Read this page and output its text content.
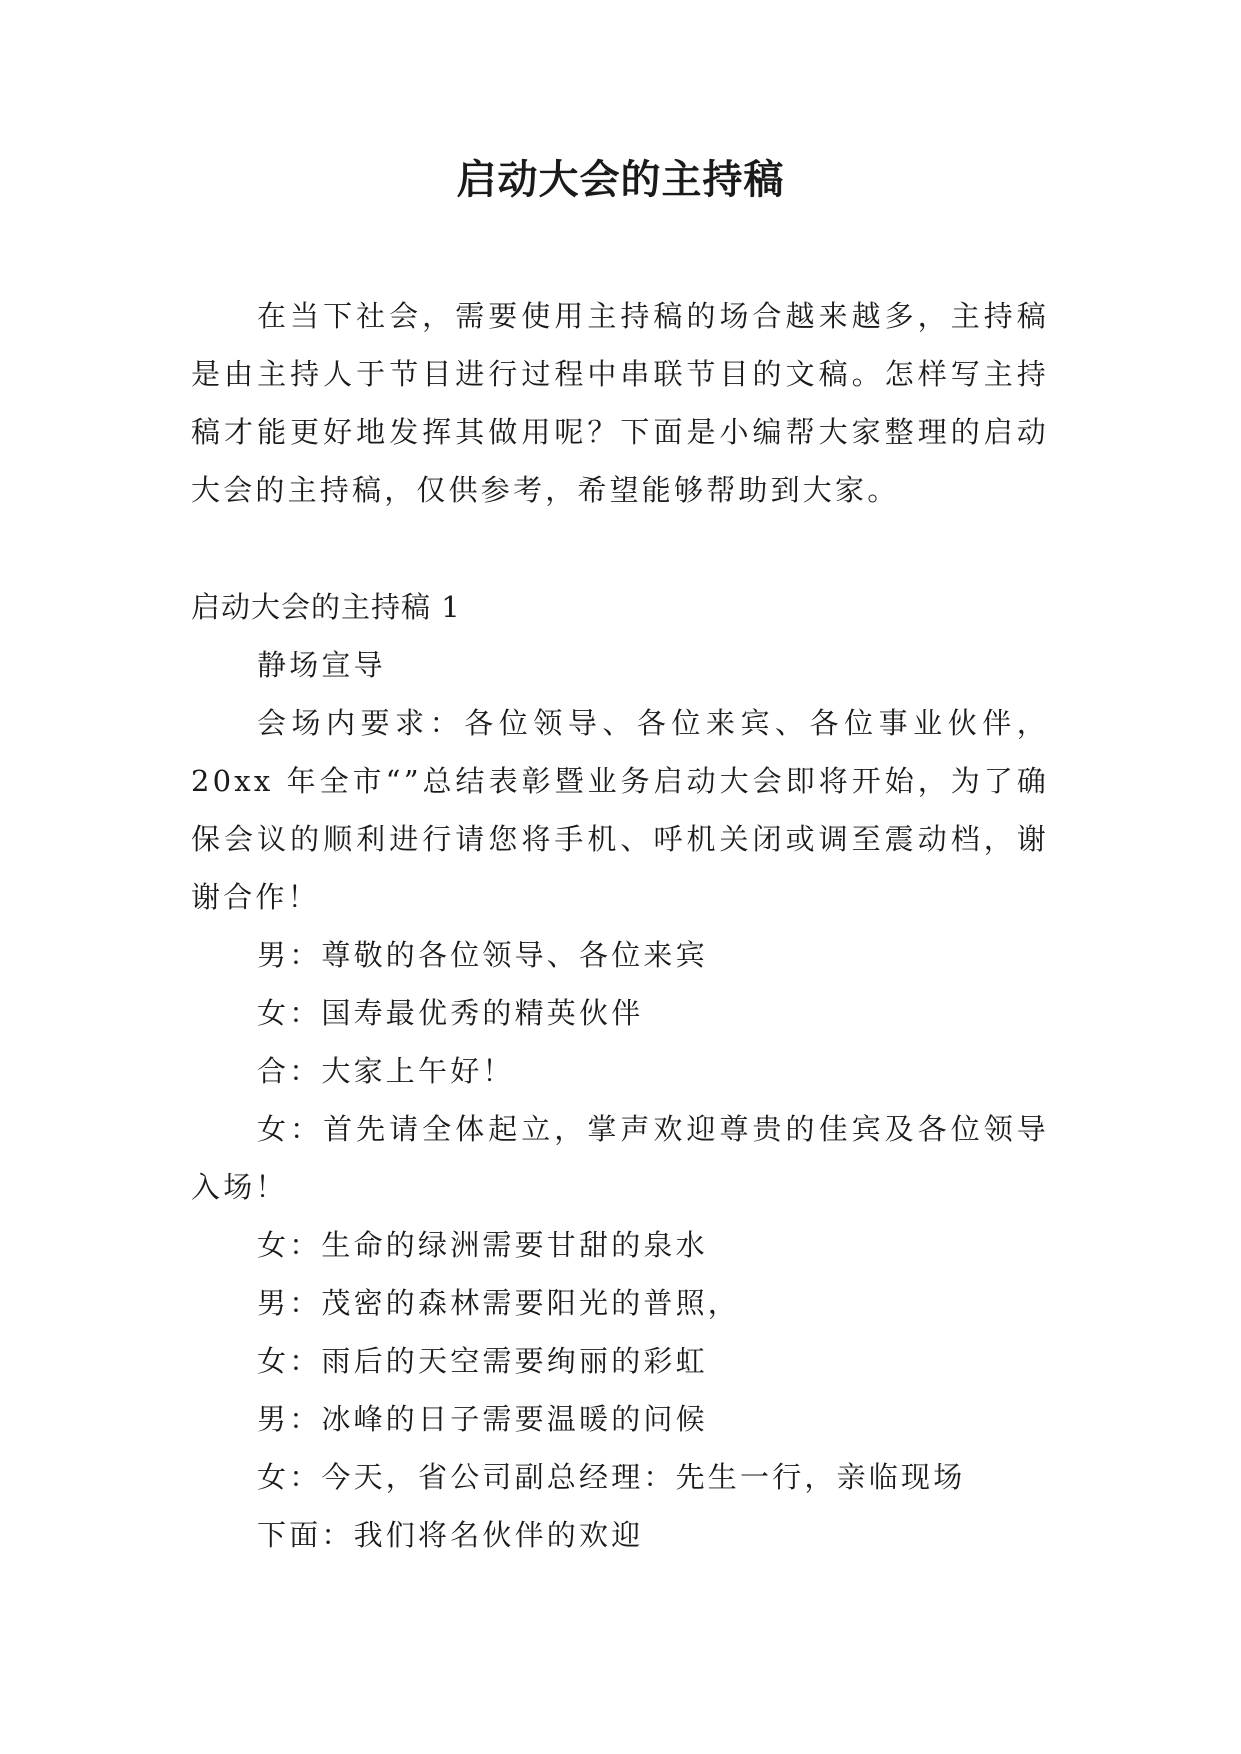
启动大会的主持稿

在当下社会，需要使用主持稿的场合越来越多，主持稿是由主持人于节目进行过程中串联节目的文稿。怎样写主持稿才能更好地发挥其做用呢？下面是小编帮大家整理的启动大会的主持稿，仅供参考，希望能够帮助到大家。

启动大会的主持稿 1

静场宣导

会场内要求：各位领导、各位来宾、各位事业伙伴，20xx 年全市“”总结表彰暨业务启动大会即将开始，为了确保会议的顺利进行请您将手机、呼机关闭或调至震动档，谢谢合作！

男：尊敬的各位领导、各位来宾

女：国寿最优秀的精英伙伴

合：大家上午好！

女：首先请全体起立，掌声欢迎尊贵的佳宾及各位领导入场！

女：生命的绿洲需要甘甜的泉水

男：茂密的森林需要阳光的普照，

女：雨后的天空需要绚丽的彩虹

男：冰峰的日子需要温暖的问候

女：今天，省公司副总经理：先生一行，亲临现场

下面：我们将名伙伴的欢迎
